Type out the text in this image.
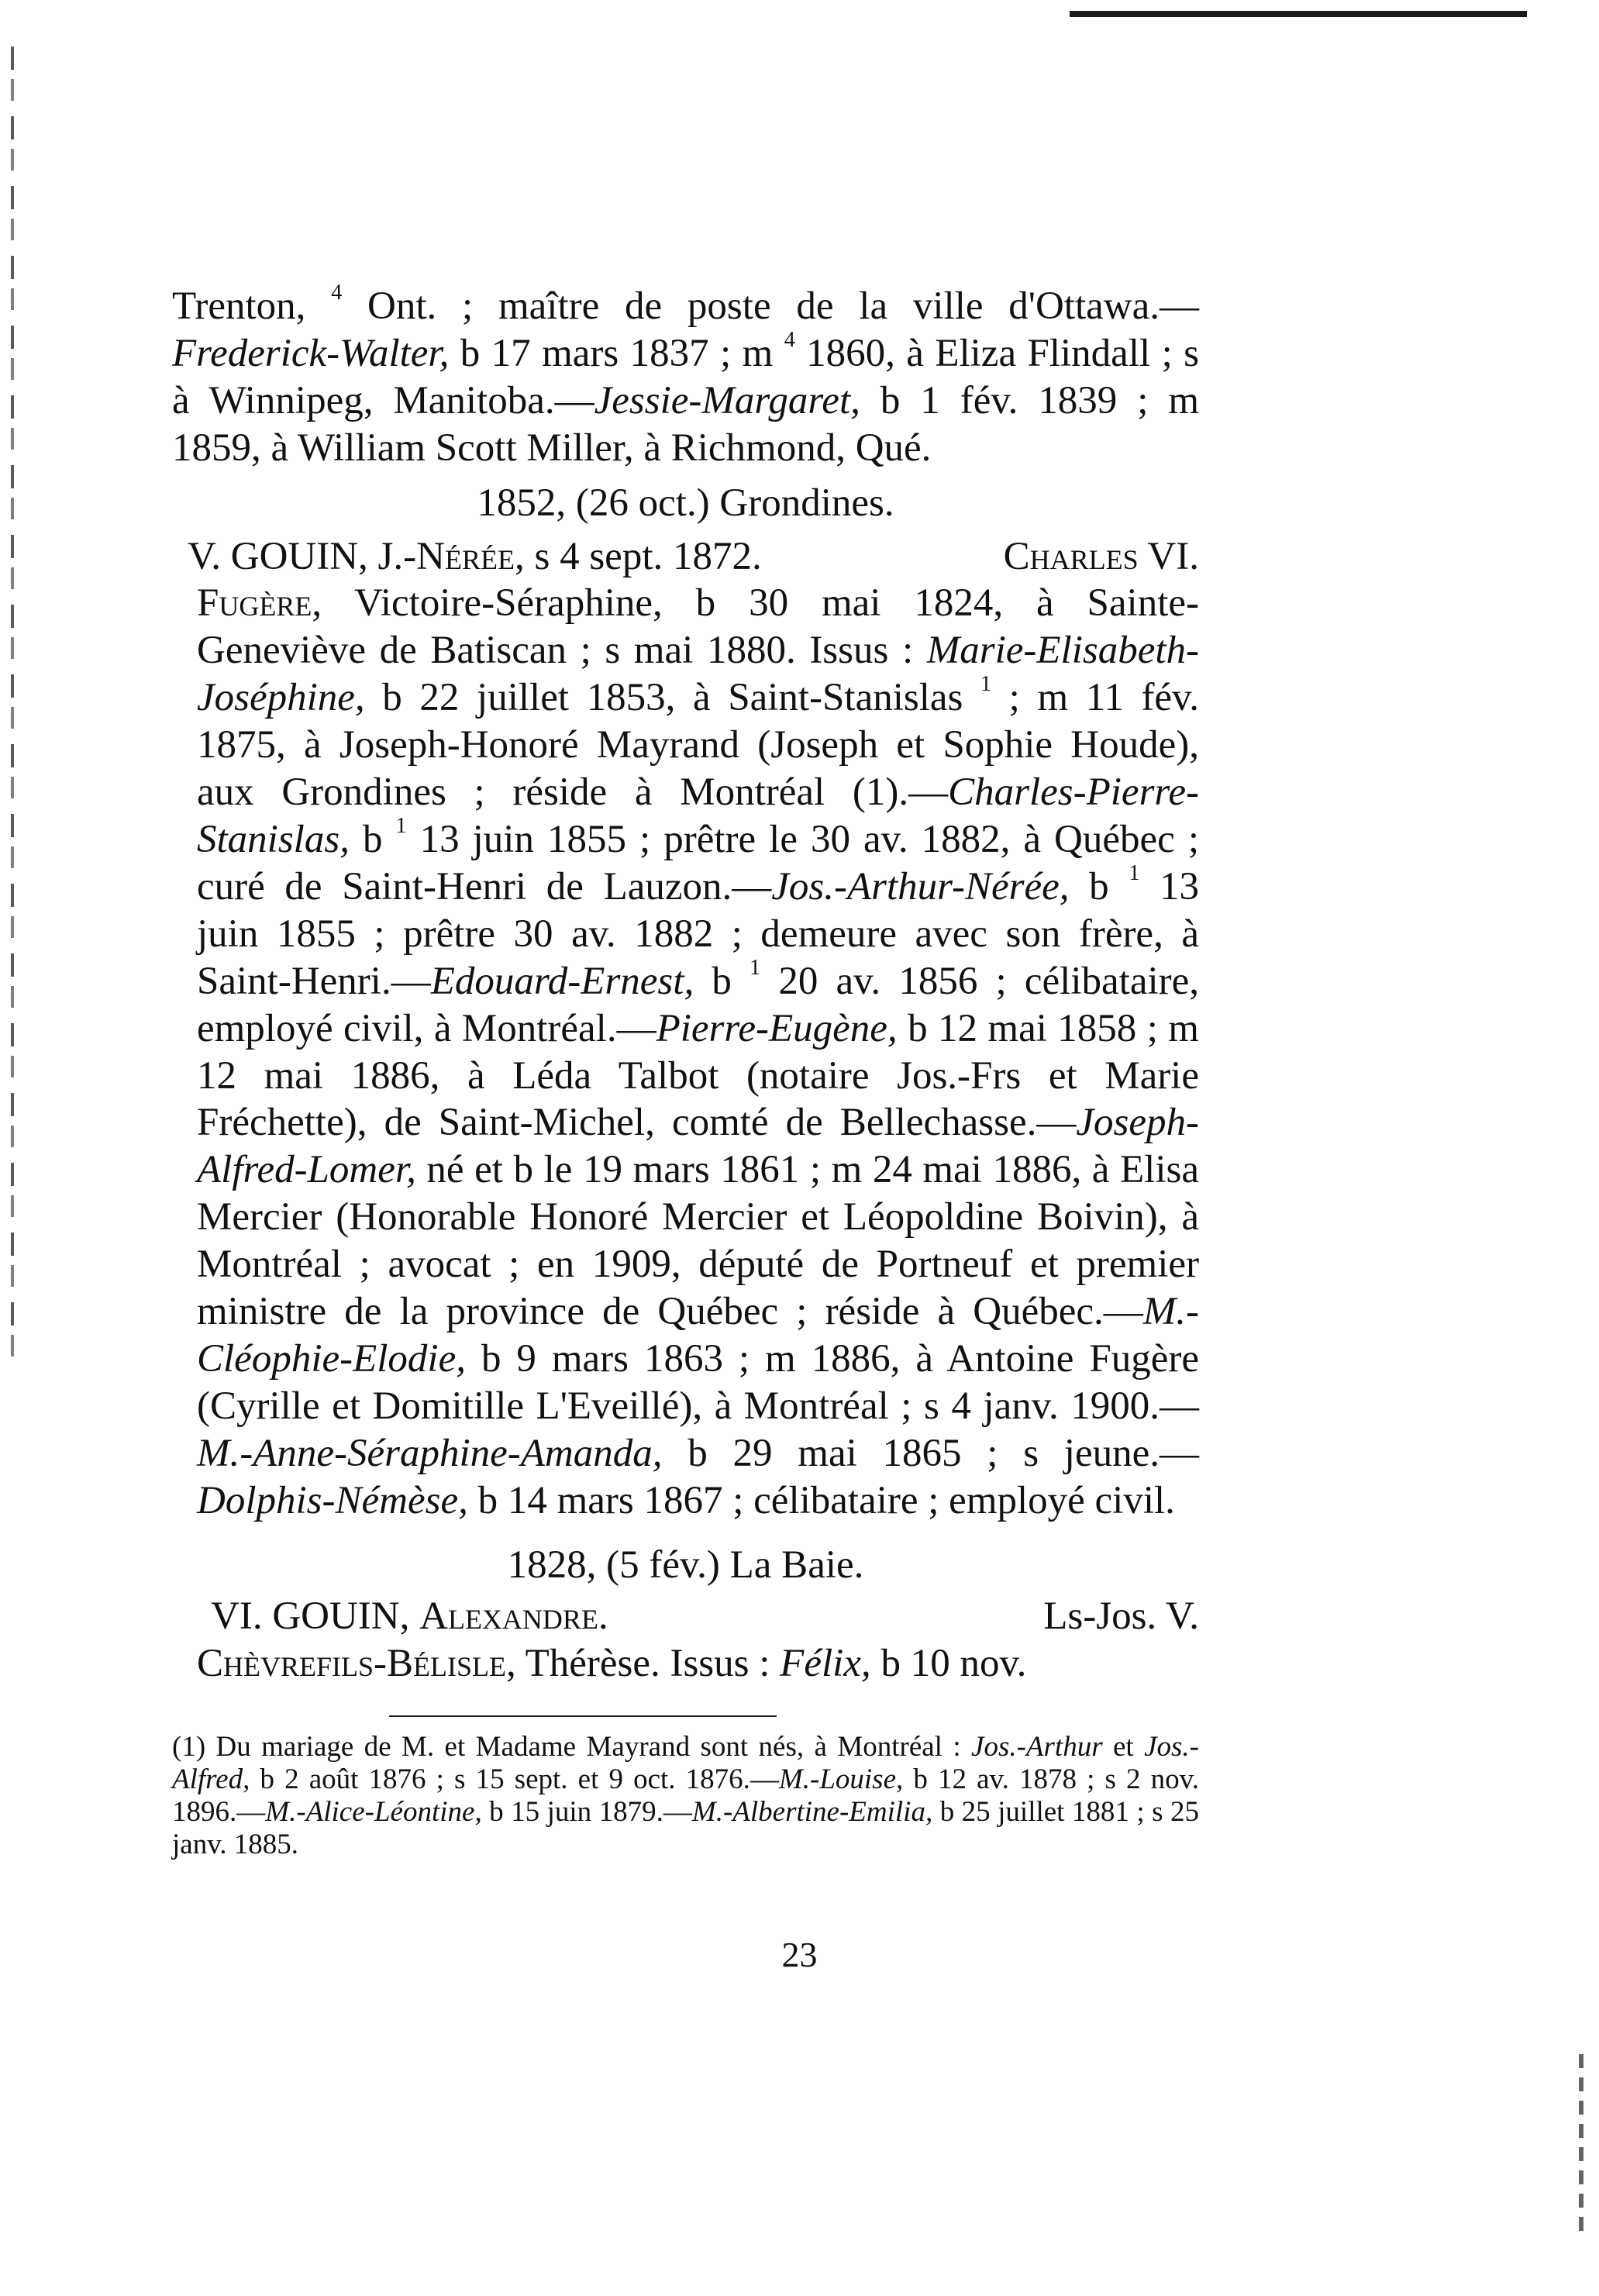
Trenton, $^4$ Ont. ; maître de poste de la ville d'Ottawa.—Frederick-Walter, b 17 mars 1837 ; m $^4$ 1860, à Eliza Flindall ; s à Winnipeg, Manitoba.—Jessie-Margaret, b 1 fév. 1839 ; m 1859, à William Scott Miller, à Richmond, Qué.

1852, (26 oct.) Grondines.

V. GOUIN, J.-Nérée, s 4 sept. 1872.	Charles VI.

Fugère, Victoire-Séraphine, b 30 mai 1824, à Sainte-Geneviève de Batiscan ; s mai 1880. Issus : Marie-Elisabeth-Joséphine, b 22 juillet 1853, à Saint-Stanislas $^1$ ; m 11 fév. 1875, à Joseph-Honoré Mayrand (Joseph et Sophie Houde), aux Grondines ; réside à Montréal (1).—Charles-Pierre-Stanislas, b $^1$ 13 juin 1855 ; prêtre le 30 av. 1882, à Québec ; curé de Saint-Henri de Lauzon.—Jos.-Arthur-Nérée, b $^1$ 13 juin 1855 ; prêtre 30 av. 1882 ; demeure avec son frère, à Saint-Henri.—Edouard-Ernest, b $^1$ 20 av. 1856 ; célibataire, employé civil, à Montréal.—Pierre-Eugène, b 12 mai 1858 ; m 12 mai 1886, à Léda Talbot (notaire Jos.-Frs et Marie Fréchette), de Saint-Michel, comté de Bellechasse.—Joseph-Alfred-Lomer, né et b le 19 mars 1861 ; m 24 mai 1886, à Elisa Mercier (Honorable Honoré Mercier et Léopoldine Boivin), à Montréal ; avocat ; en 1909, député de Portneuf et premier ministre de la province de Québec ; réside à Québec.—M.-Cléophie-Elodie, b 9 mars 1863 ; m 1886, à Antoine Fugère (Cyrille et Domitille L'Eveillé), à Montréal ; s 4 janv. 1900.—M.-Anne-Séraphine-Amanda, b 29 mai 1865 ; s jeune.—Dolphis-Némèse, b 14 mars 1867 ; célibataire ; employé civil.

1828, (5 fév.) La Baie.

VI. GOUIN, Alexandre.	Ls-Jos. V.

Chèvrefils-Bélisle, Thérèse. Issus : Félix, b 10 nov.

(1) Du mariage de M. et Madame Mayrand sont nés, à Montréal : Jos.-Arthur et Jos.-Alfred, b 2 août 1876 ; s 15 sept. et 9 oct. 1876.—M.-Louise, b 12 av. 1878 ; s 2 nov. 1896.—M.-Alice-Léontine, b 15 juin 1879.—M.-Albertine-Emilia, b 25 juillet 1881 ; s 25 janv. 1885.

23
